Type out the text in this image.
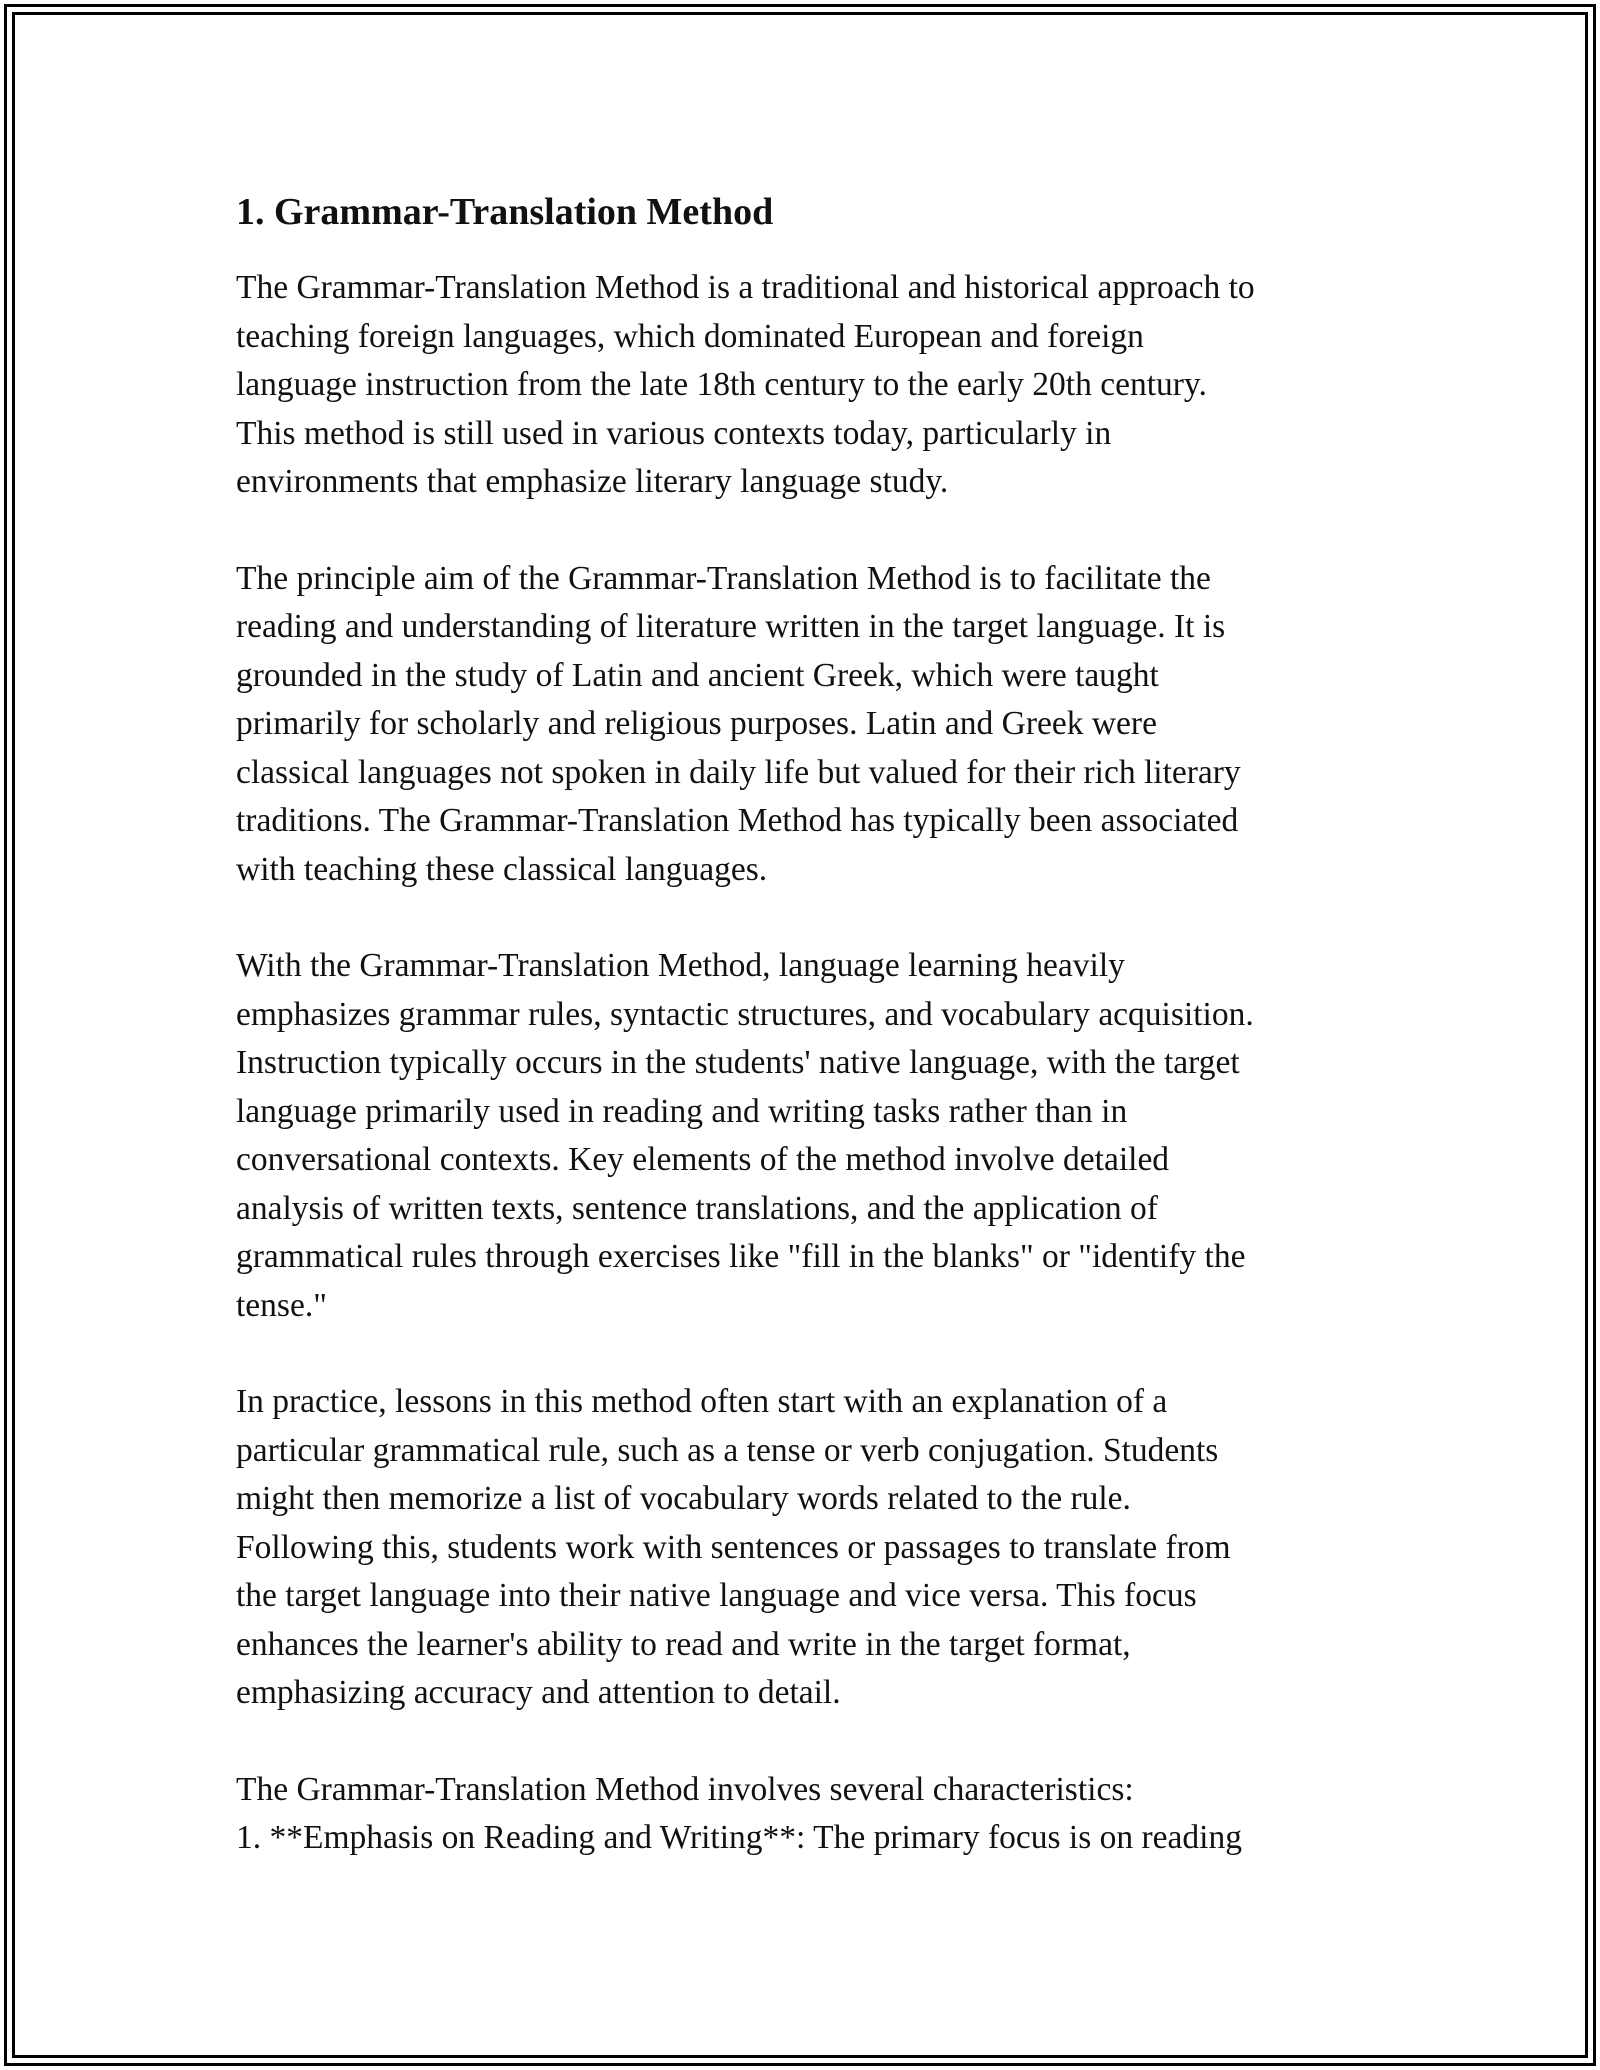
1. Grammar-Translation Method

The Grammar-Translation Method is a traditional and historical approach to
teaching foreign languages, which dominated European and foreign
language instruction from the late 18th century to the early 20th century.
This method is still used in various contexts today, particularly in
environments that emphasize literary language study.

The principle aim of the Grammar-Translation Method is to facilitate the
reading and understanding of literature written in the target language. It is
grounded in the study of Latin and ancient Greek, which were taught
primarily for scholarly and religious purposes. Latin and Greek were
classical languages not spoken in daily life but valued for their rich literary
traditions. The Grammar-Translation Method has typically been associated
with teaching these classical languages.

With the Grammar-Translation Method, language learning heavily
emphasizes grammar rules, syntactic structures, and vocabulary acquisition.
Instruction typically occurs in the students' native language, with the target
language primarily used in reading and writing tasks rather than in
conversational contexts. Key elements of the method involve detailed
analysis of written texts, sentence translations, and the application of
grammatical rules through exercises like "fill in the blanks" or "identify the
tense."

In practice, lessons in this method often start with an explanation of a
particular grammatical rule, such as a tense or verb conjugation. Students
might then memorize a list of vocabulary words related to the rule.
Following this, students work with sentences or passages to translate from
the target language into their native language and vice versa. This focus
enhances the learner's ability to read and write in the target format,
emphasizing accuracy and attention to detail.

The Grammar-Translation Method involves several characteristics:
1. **Emphasis on Reading and Writing**: The primary focus is on reading
